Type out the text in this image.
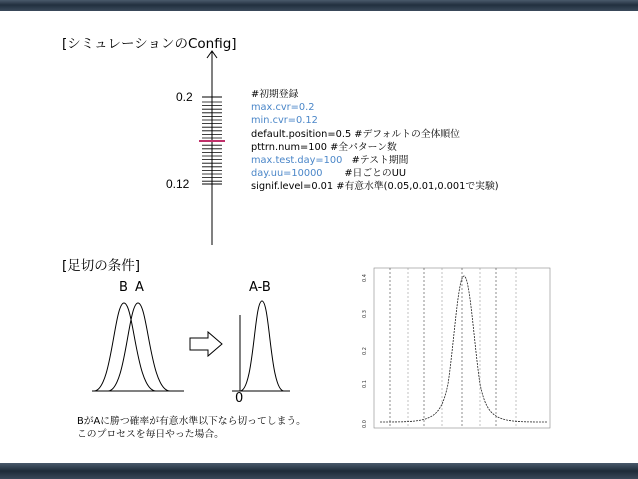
[シミュレーションのConfig]
[足切の条件]
0.2
0.12
#初期登録
max.cvr=0.2
min.cvr=0.12
default.position=0.5 #デフォルトの全体順位
pttrn.num=100 #全パターン数
max.test.day=100   #テスト期間
day.uu=10000       #日ごとのUU
signif.level=0.01 #有意水準(0.05,0.01,0.001で実験)
B A	A-B
0
BがAに勝つ確率が有意水準以下なら切ってしまう。
このプロセスを毎日やった場合。
0.0
0.1
0.2
0.3
0.4
